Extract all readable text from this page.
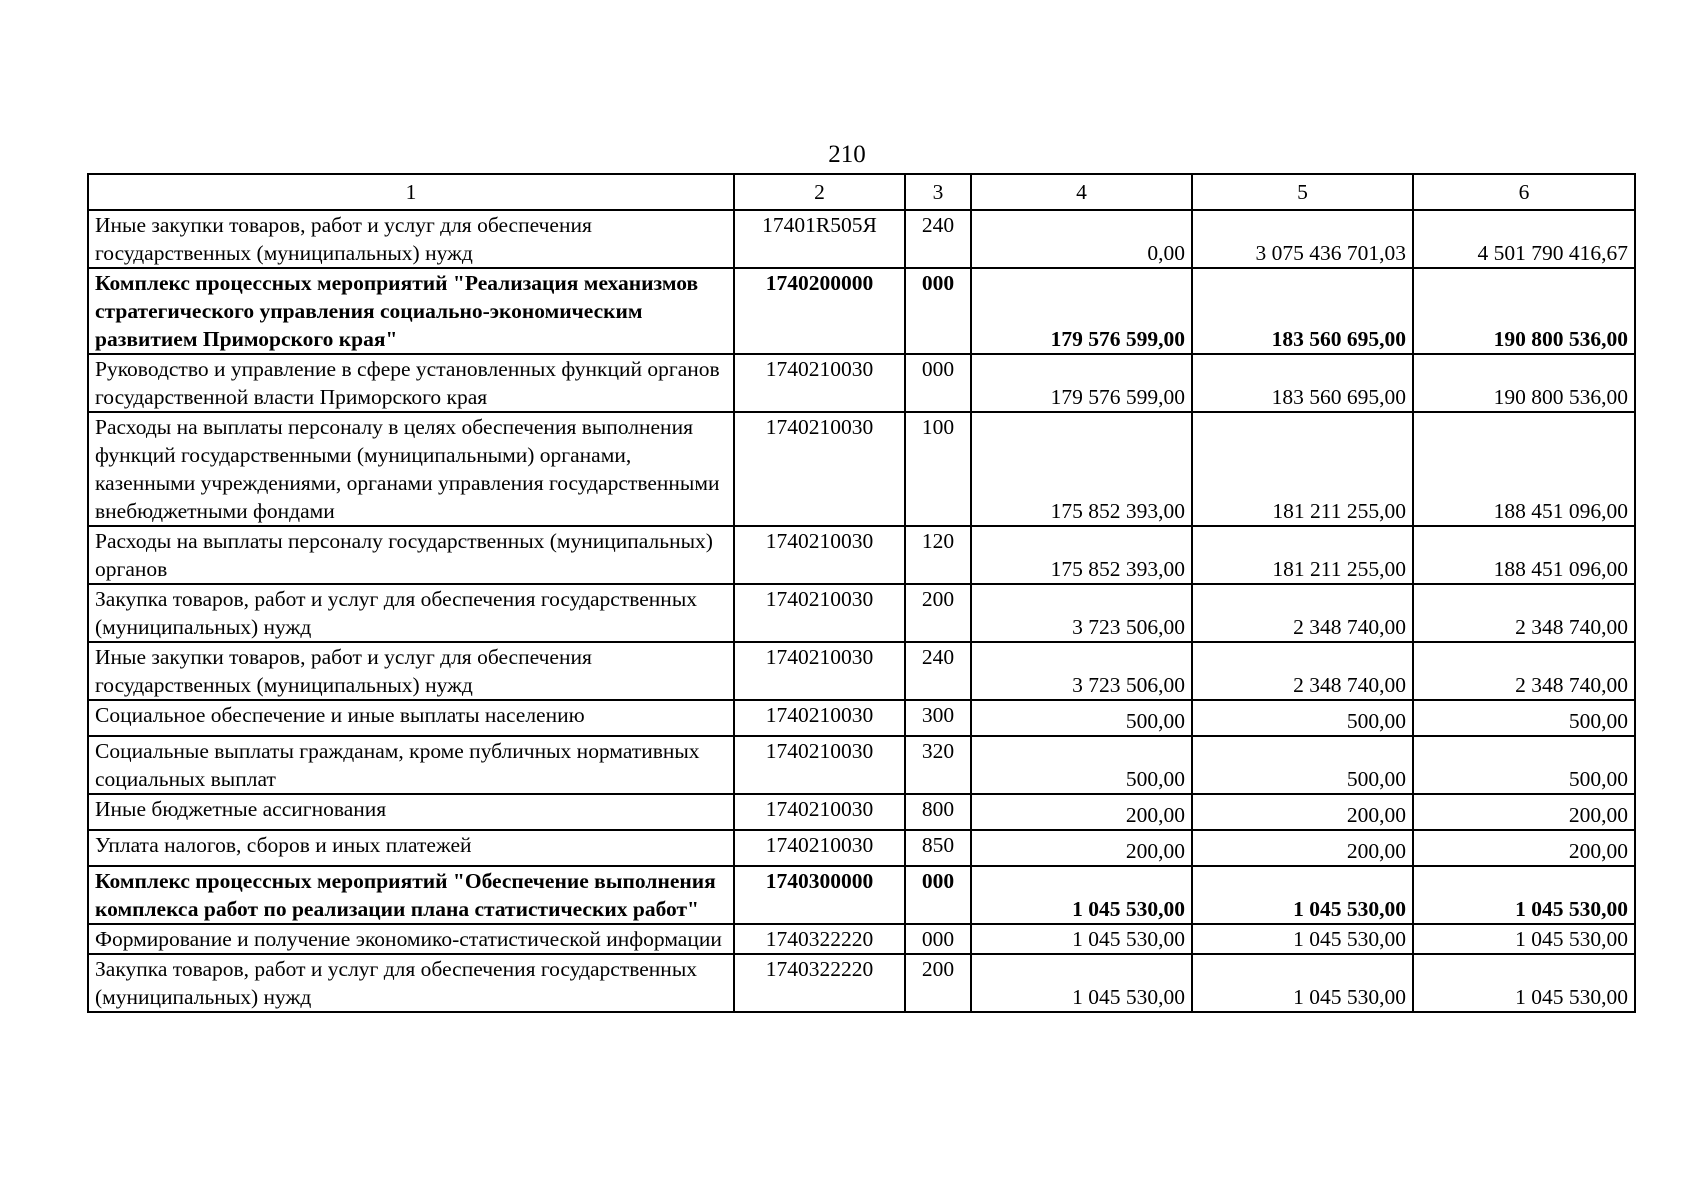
210
1	2	3	4	5	6
Иные закупки товаров, работ и услуг для обеспечения государственных (муниципальных) нужд	17401R505Я	240	0,00	3 075 436 701,03	4 501 790 416,67
Комплекс процессных мероприятий "Реализация механизмов стратегического управления социально-экономическим развитием Приморского края"	1740200000	000	179 576 599,00	183 560 695,00	190 800 536,00
Руководство и управление в сфере установленных функций органов государственной власти Приморского края	1740210030	000	179 576 599,00	183 560 695,00	190 800 536,00
Расходы на выплаты персоналу в целях обеспечения выполнения функций государственными (муниципальными) органами, казенными учреждениями, органами управления государственными внебюджетными фондами	1740210030	100	175 852 393,00	181 211 255,00	188 451 096,00
Расходы на выплаты персоналу государственных (муниципальных) органов	1740210030	120	175 852 393,00	181 211 255,00	188 451 096,00
Закупка товаров, работ и услуг для обеспечения государственных (муниципальных) нужд	1740210030	200	3 723 506,00	2 348 740,00	2 348 740,00
Иные закупки товаров, работ и услуг для обеспечения государственных (муниципальных) нужд	1740210030	240	3 723 506,00	2 348 740,00	2 348 740,00
Социальное обеспечение и иные выплаты населению	1740210030	300	500,00	500,00	500,00
Социальные выплаты гражданам, кроме публичных нормативных социальных выплат	1740210030	320	500,00	500,00	500,00
Иные бюджетные ассигнования	1740210030	800	200,00	200,00	200,00
Уплата налогов, сборов и иных платежей	1740210030	850	200,00	200,00	200,00
Комплекс процессных мероприятий "Обеспечение выполнения комплекса работ по реализации плана статистических работ"	1740300000	000	1 045 530,00	1 045 530,00	1 045 530,00
Формирование и получение экономико-статистической информации	1740322220	000	1 045 530,00	1 045 530,00	1 045 530,00
Закупка товаров, работ и услуг для обеспечения государственных (муниципальных) нужд	1740322220	200	1 045 530,00	1 045 530,00	1 045 530,00
